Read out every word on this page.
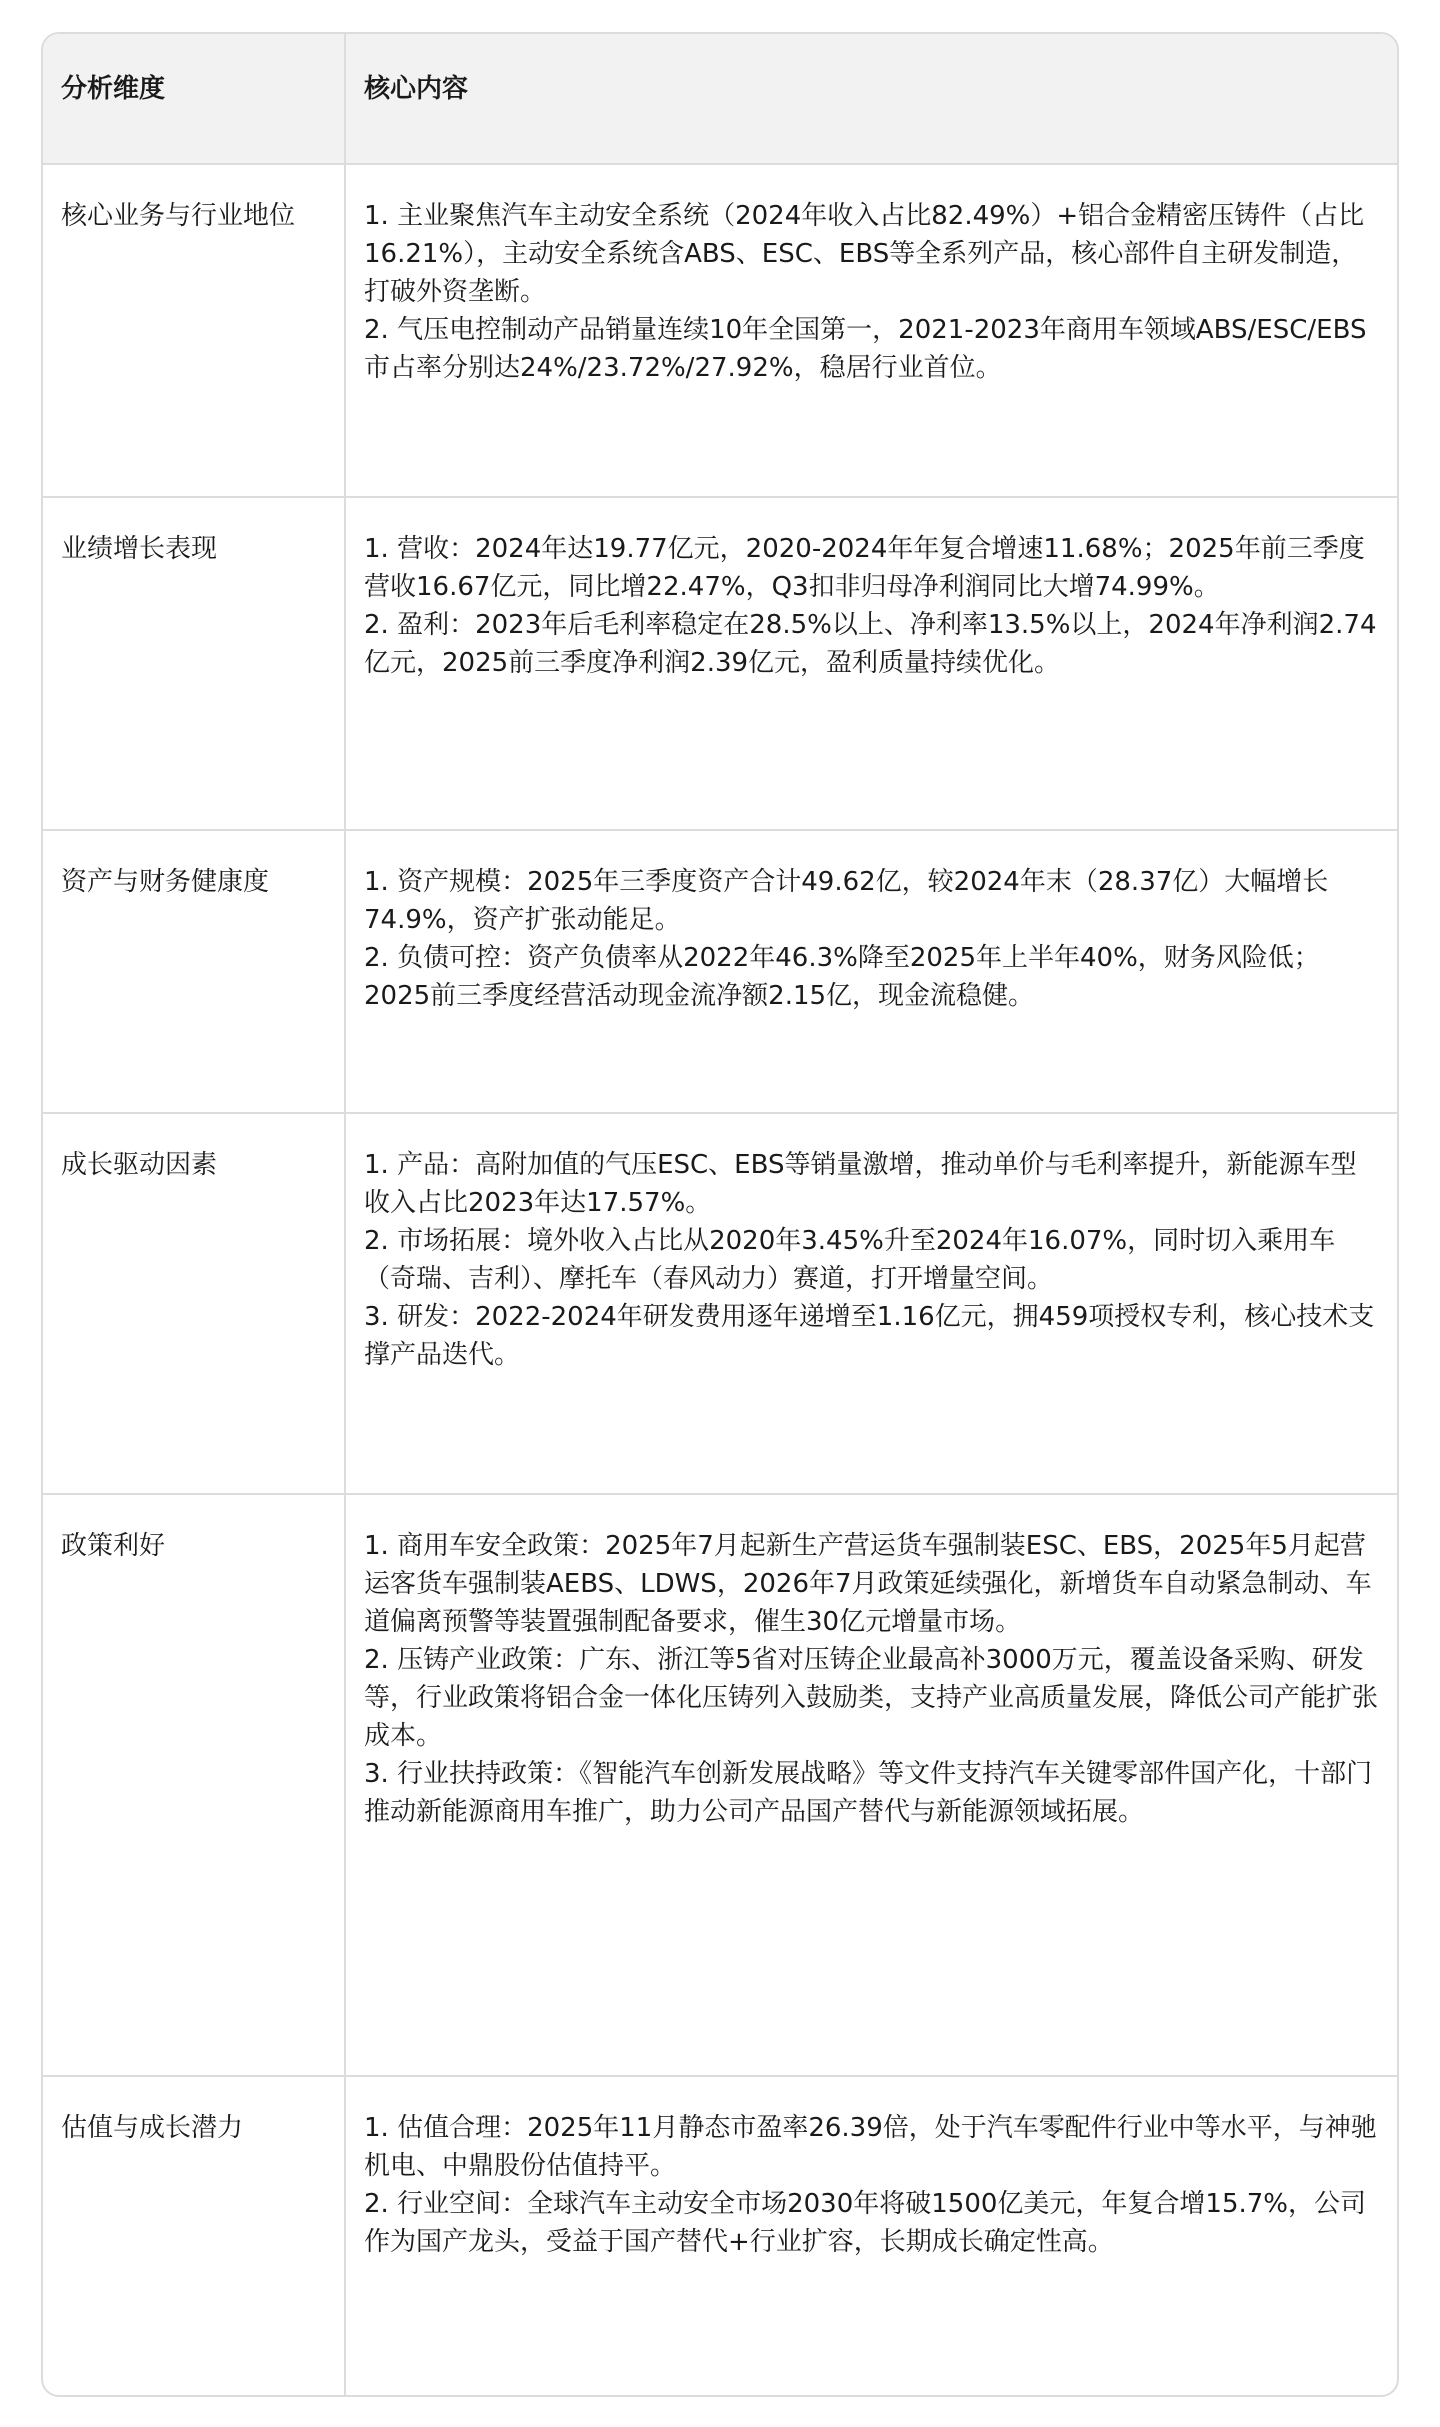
分析维度	核心内容
核心业务与行业地位	1. 主业聚焦汽车主动安全系统（2024年收入占比82.49%）+铝合金精密压铸件（占比16.21%），主动安全系统含ABS、ESC、EBS等全系列产品，核心部件自主研发制造，打破外资垄断。
2. 气压电控制动产品销量连续10年全国第一，2021-2023年商用车领域ABS/ESC/EBS市占率分别达24%/23.72%/27.92%，稳居行业首位。

业绩增长表现	1. 营收：2024年达19.77亿元，2020-2024年年复合增速11.68%；2025年前三季度营收16.67亿元，同比增22.47%，Q3扣非归母净利润同比大增74.99%。
2. 盈利：2023年后毛利率稳定在28.5%以上、净利率13.5%以上，2024年净利润2.74亿元，2025前三季度净利润2.39亿元，盈利质量持续优化。

资产与财务健康度	1. 资产规模：2025年三季度资产合计49.62亿，较2024年末（28.37亿）大幅增长74.9%，资产扩张动能足。
2. 负债可控：资产负债率从2022年46.3%降至2025年上半年40%，财务风险低；2025前三季度经营活动现金流净额2.15亿，现金流稳健。

成长驱动因素	1. 产品：高附加值的气压ESC、EBS等销量激增，推动单价与毛利率提升，新能源车型收入占比2023年达17.57%。
2. 市场拓展：境外收入占比从2020年3.45%升至2024年16.07%，同时切入乘用车（奇瑞、吉利）、摩托车（春风动力）赛道，打开增量空间。
3. 研发：2022-2024年研发费用逐年递增至1.16亿元，拥459项授权专利，核心技术支撑产品迭代。

政策利好	1. 商用车安全政策：2025年7月起新生产营运货车强制装ESC、EBS，2025年5月起营运客货车强制装AEBS、LDWS，2026年7月政策延续强化，新增货车自动紧急制动、车道偏离预警等装置强制配备要求，催生30亿元增量市场。
2. 压铸产业政策：广东、浙江等5省对压铸企业最高补3000万元，覆盖设备采购、研发等，行业政策将铝合金一体化压铸列入鼓励类，支持产业高质量发展，降低公司产能扩张成本。
3. 行业扶持政策：《智能汽车创新发展战略》等文件支持汽车关键零部件国产化，十部门推动新能源商用车推广，助力公司产品国产替代与新能源领域拓展。

估值与成长潜力	1. 估值合理：2025年11月静态市盈率26.39倍，处于汽车零配件行业中等水平，与神驰机电、中鼎股份估值持平。
2. 行业空间：全球汽车主动安全市场2030年将破1500亿美元，年复合增15.7%，公司作为国产龙头，受益于国产替代+行业扩容，长期成长确定性高。
